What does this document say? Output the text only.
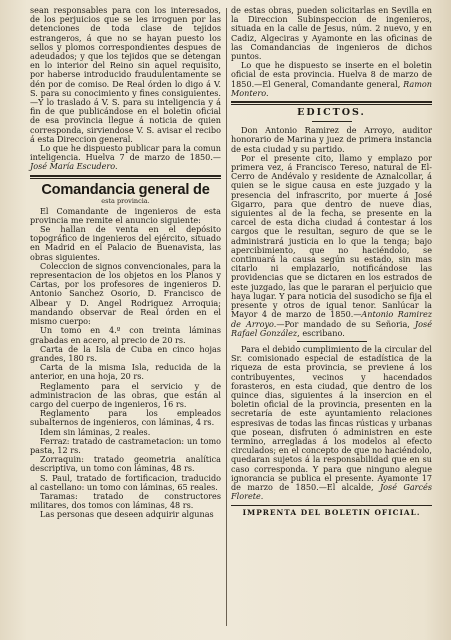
sean responsables para con los interesados, de los perjuicios que se les irroguen por las detenciones de toda clase de tejidos estrangeros, á que no se hayan puesto los sellos y plomos correspondientes despues de adeudados; y que los tejidos que se detengan en lo interior del Reino sin aquel requisito, por haberse introducido fraudulentamente se dén por de comiso. De Real órden lo digo á V. S. para su conocimiento y fines consiguientes.—Y lo traslado á V. S. para su inteligencia y á fin de que publicándose en el boletin oficial de esa provincia llegue á noticia de quien corresponda, sirviendose V. S. avisar el recibo á esta Direccion general.

Lo que he dispuesto publicar para la comun inteligencia. Huelva 7 de marzo de 1850.—José María Escudero.

Comandancia general de
esta provincia.

El Comandante de ingenieros de esta provincia me remite el anuncio siguiente:

Se hallan de venta en el depósito topográfico de ingenieros del ejército, situado en Madrid en el Palacio de Buenavista, las obras siguientes.

Coleccion de signos convencionales, para la representacion de los objetos en los Planos y Cartas, por los profesores de ingenieros D. Antonio Sanchez Osorio, D. Francisco de Albear y D. Angel Rodriguez Arroquia; mandando observar de Real órden en el mismo cuerpo:

Un tomo en 4.º con treinta láminas grabadas en acero, al precio de 20 rs.

Carta de la Isla de Cuba en cinco hojas grandes, 180 rs.

Carta de la misma Isla, reducida de la anterior, en una hoja, 20 rs.

Reglamento para el servicio y de administracion de las obras, que están al cargo del cuerpo de ingenieros, 16 rs.

Reglamento para los empleados subalternos de ingenieros, con láminas, 4 rs.

Idem sin láminas, 2 reales.

Ferraz: tratado de castrametacion: un tomo pasta, 12 rs.

Zorraquin: tratado geometria analítica descriptiva, un tomo con láminas, 48 rs.

S. Paul, tratado de fortificacion, traducido al castellano: un tomo con láminas, 65 reales.

Taramas: tratado de constructores militares, dos tomos con láminas, 48 rs.

Las personas que deseen adquirir algunas

de estas obras, pueden solicitarlas en Sevilla en la Direccion Subinspeccion de ingenieros, situada en la calle de Jesus, núm. 2 nuevo, y en Cadiz, Algeciras y Ayamonte en las oficinas de las Comandancias de ingenieros de dichos puntos.

Lo que he dispuesto se inserte en el boletin oficial de esta provincia. Huelva 8 de marzo de 1850.—El General, Comandante general, Ramon Montero.

EDICTOS.

Don Antonio Ramirez de Arroyo, auditor honorario de Marina y juez de primera instancia de esta ciudad y su partido.

Por el presente cito, llamo y emplazo por primera vez, á Francisco Tereso, natural de El-Cerro de Andévalo y residente de Aznalcollar, á quien se le sigue causa en este juzgado y la presencia del infrascrito, por muerte á José Gigarro, para que dentro de nueve dias, siguientes al de la fecha, se presente en la carcel de esta dicha ciudad á contestar á los cargos que le resultan, seguro de que se le administrará justicia en lo que la tenga; bajo apercibimiento, que no haciéndolo, se continuará la causa según su estado, sin mas citarlo ni emplazarlo, notificándose las providencias que se dictaren en los estrados de este juzgado, las que le pararan el perjuicio que haya lugar. Y para noticia del susodicho se fija el presente y otros de igual tenor. Sanlúcar la Mayor 4 de marzo de 1850.—Antonio Ramirez de Arroyo.—Por mandado de su Señoria, José Rafael González, escribano.

Para el debido cumplimiento de la circular del Sr. comisionado especial de estadística de la riqueza de esta provincia, se previene á los contribuyentes, vecinos y hacendados forasteros, en esta ciudad, que dentro de los quince dias, siguientes á la insercion en el boletin oficial de la provincia, presenten en la secretaría de este ayuntamiento relaciones espresivas de todas las fincas rústicas y urbanas que posean, disfruten ó administren en este termino, arregladas á los modelos al efecto circulados; en el concepto de que no haciéndolo, quedaran sujetos á la responsabilidad que en su caso corresponda. Y para que ninguno alegue ignorancia se publica el presente. Ayamonte 17 de marzo de 1850.—El alcalde, José Garcés Florete.

IMPRENTA DEL BOLETIN OFICIAL.
